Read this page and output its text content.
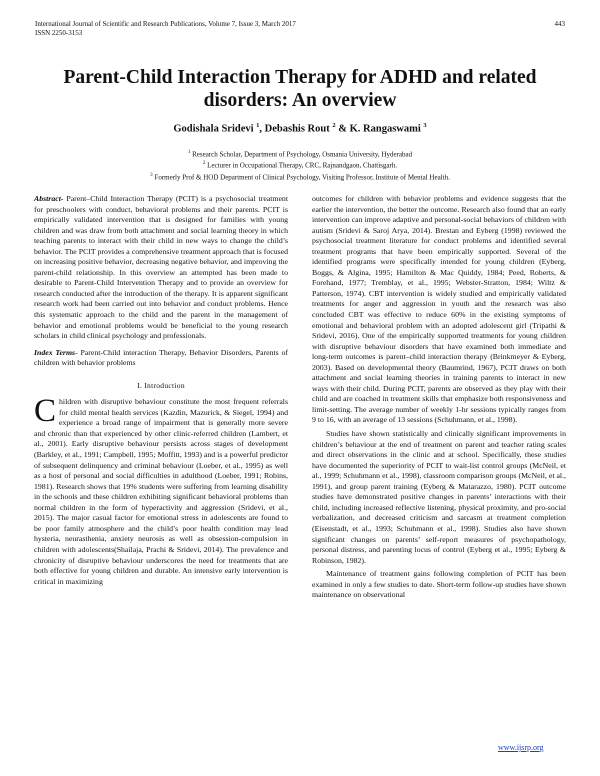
International Journal of Scientific and Research Publications, Volume 7, Issue 3, March 2017	443
ISSN 2250-3153
Parent-Child Interaction Therapy for ADHD and related disorders: An overview
Godishala Sridevi $^1$, Debashis Rout $^2$ & K. Rangaswami $^3$
$^1$ Research Scholar, Department of Psychology, Osmania University, Hyderabad
$^2$ Lecturer in Occupational Therapy, CRC, Rajnandgaon, Chattisgarh.
$^3$ Formerly Prof & HOD Department of Clinical Psychology, Visiting Professor, Institute of Mental Health.

Abstract- Parent–Child Interaction Therapy (PCIT) is a psychosocial treatment for preschoolers with conduct, behavioral problems and their parents. PCIT is empirically validated intervention that is designed for families with young children and was draw from both attachment and social learning theory in which teaching parents to interact with their child in new ways to change the child’s behavior. The PCIT provides a comprehensive treatment approach that is focused on increasing positive behavior, decreasing negative behavior, and improving the parent-child relationship. In this overview an attempted has been made to desirable to Parent-Child Intervention Therapy and to provide an overview for research conducted after the introduction of the therapy. It is apparent significant research work had been carried out into behavior and conduct problems. Hence this systematic approach to the child and the parent in the management of behavior and emotional problems would be beneficial to the young research scholars in child clinical psychology and professionals.

Index Terms- Parent-Child interaction Therapy, Behavior Disorders, Parents of children with behavior problems

I. Introduction

Children with disruptive behaviour constitute the most frequent referrals for child mental health services (Kazdin, Mazurick, & Siegel, 1994) and experience a broad range of impairment that is generally more severe and chronic than that experienced by other clinic-referred children (Lambert, et al., 2001). Early disruptive behaviour persists across stages of development (Barkley, et al., 1991; Campbell, 1995; Moffitt, 1993) and is a powerful predictor of subsequent delinquency and criminal behaviour (Loeber, et al., 1995) as well as a host of personal and social difficulties in adulthood (Loeber, 1991; Robins, 1981). Research shows that 19% students were suffering from learning disability in the schools and these children exhibiting significant behavioral problems than normal children in the form of hyperactivity and aggression (Sridevi, et al., 2015). The major casual factor for emotional stress in adolescents are found to be poor family atmosphere and the child’s poor health condition may lead hysteria, neurasthenia, anxiety neurosis as well as obsession-compulsion in children with adolescents(Shailaja, Prachi & Sridevi, 2014). The prevalence and chronicity of disruptive behaviour underscores the need for treatments that are both effective for young children and durable. An intensive early intervention is critical in maximizing

outcomes for children with behavior problems and evidence suggests that the earlier the intervention, the better the outcome. Research also found that an early intervention can improve adaptive and personal-social behaviors of children with autism (Sridevi & Saroj Arya, 2014). Brestan and Eyberg (1998) reviewed the psychosocial treatment literature for conduct problems and identified several treatment programs that have been empirically supported. Several of the identified programs were specifically intended for young children (Eyberg, Boggs, & Algina, 1995; Hamilton & Mac Quiddy, 1984; Peed, Roberts, & Forehand, 1977; Tremblay, et al., 1995; Webster-Stratton, 1984; Wiltz & Patterson, 1974). CBT intervention is widely studied and empirically validated treatments for anger and aggression in youth and the research was also concluded CBT was effective to reduce 60% in the existing symptoms of emotional and behavioral problem with an adopted adolescent girl (Tripathi & Sridevi, 2016). One of the empirically supported treatments for young children with disruptive behaviour disorders that have examined both immediate and long-term outcomes is parent–child interaction therapy (Brinkmeyer & Eyberg, 2003). Based on developmental theory (Baumrind, 1967), PCIT draws on both attachment and social learning theories in training parents to interact in new ways with their child. During PCIT, parents are observed as they play with their child and are coached in treatment skills that emphasize both responsiveness and limit-setting. The average number of weekly 1-hr sessions typically ranges from 9 to 16, with an average of 13 sessions (Schuhmann, et al., 1998).

Studies have shown statistically and clinically significant improvements in children’s behaviour at the end of treatment on parent and teacher rating scales and direct observations in the clinic and at school. Specifically, these studies have documented the superiority of PCIT to wait-list control groups (McNeil, et al., 1999; Schuhmann et al., 1998), classroom comparison groups (McNeil, et al., 1991), and group parent training (Eyberg & Matarazzo, 1980). PCIT outcome studies have demonstrated positive changes in parents’ interactions with their child, including increased reflective listening, physical proximity, and pro-social verbalization, and decreased criticism and sarcasm at treatment completion (Eisenstadt, et al., 1993; Schuhmann et al., 1998). Studies also have shown significant changes on parents’ self-report measures of psychopathology, personal distress, and parenting locus of control (Eyberg et al., 1995; Eyberg & Robinson, 1982).

Maintenance of treatment gains following completion of PCIT has been examined in only a few studies to date. Short-term follow-up studies have shown maintenance on observational

www.ijsrp.org
